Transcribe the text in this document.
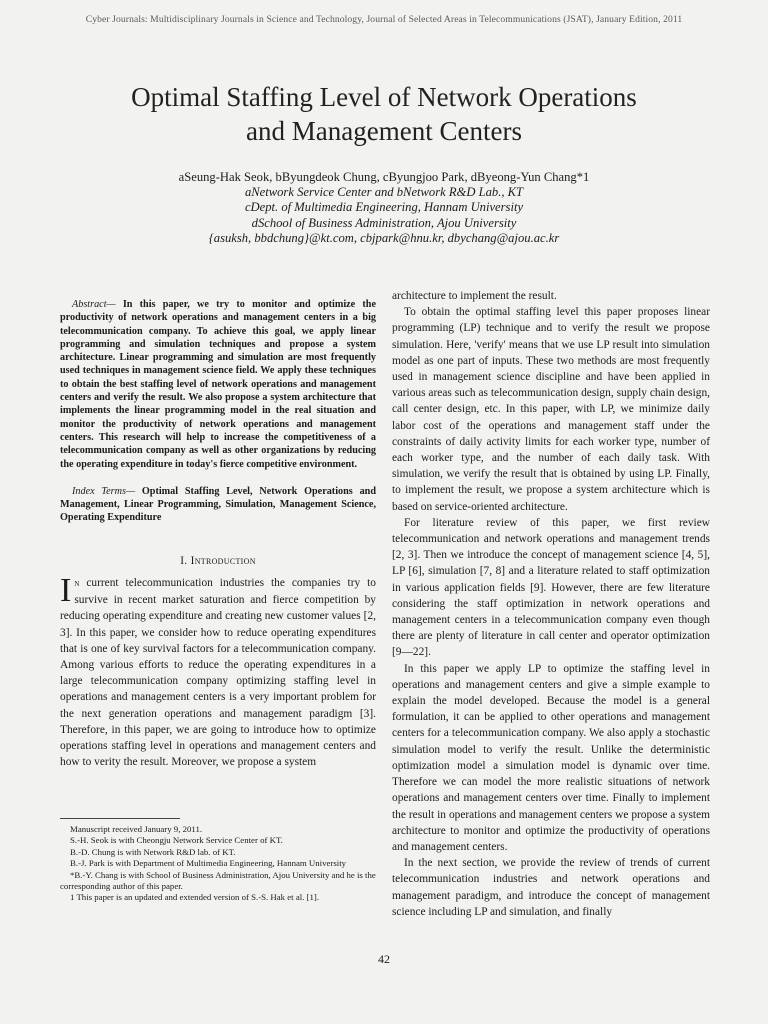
Cyber Journals: Multidisciplinary Journals in Science and Technology, Journal of Selected Areas in Telecommunications (JSAT), January Edition, 2011
Optimal Staffing Level of Network Operations
and Management Centers
aSeung-Hak Seok, bByungdeok Chung, cByungjoo Park, dByeong-Yun Chang*1
aNetwork Service Center and bNetwork R&D Lab., KT
cDept. of Multimedia Engineering, Hannam University
dSchool of Business Administration, Ajou University
{asuksh, bbdchung}@kt.com, cbjpark@hnu.kr, dbychang@ajou.ac.kr

Abstract— In this paper, we try to monitor and optimize the productivity of network operations and management centers in a big telecommunication company. To achieve this goal, we apply linear programming and simulation techniques and propose a system architecture. Linear programming and simulation are most frequently used techniques in management science field. We apply these techniques to obtain the best staffing level of network operations and management centers and verify the result. We also propose a system architecture that implements the linear programming model in the real situation and monitor the productivity of network operations and management centers. This research will help to increase the competitiveness of a telecommunication company as well as other organizations by reducing the operating expenditure in today's fierce competitive environment.

Index Terms— Optimal Staffing Level, Network Operations and Management, Linear Programming, Simulation, Management Science, Operating Expenditure

I. Introduction

In current telecommunication industries the companies try to survive in recent market saturation and fierce competition by reducing operating expenditure and creating new customer values [2, 3]. In this paper, we consider how to reduce operating expenditures that is one of key survival factors for a telecommunication company. Among various efforts to reduce the operating expenditures in a large telecommunication company optimizing staffing level in operations and management centers is a very important problem for the next generation operations and management paradigm [3]. Therefore, in this paper, we are going to introduce how to optimize operations staffing level in operations and management centers and how to verity the result. Moreover, we propose a system

Manuscript received January 9, 2011.

S.-H. Seok is with Cheongju Network Service Center of KT.

B.-D. Chung is with Network R&D lab. of KT.

B.-J. Park is with Department of Multimedia Engineering, Hannam University

*B.-Y. Chang is with School of Business Administration, Ajou University and he is the corresponding author of this paper.

1 This paper is an updated and extended version of S.-S. Hak et al. [1].

architecture to implement the result.

To obtain the optimal staffing level this paper proposes linear programming (LP) technique and to verify the result we propose simulation. Here, 'verify' means that we use LP result into simulation model as one part of inputs. These two methods are most frequently used in management science discipline and have been applied in various areas such as telecommunication design, supply chain design, call center design, etc. In this paper, with LP, we minimize daily labor cost of the operations and management staff under the constraints of daily activity limits for each worker type, number of each worker type, and the number of each daily task. With simulation, we verify the result that is obtained by using LP. Finally, to implement the result, we propose a system architecture which is based on service-oriented architecture.

For literature review of this paper, we first review telecommunication and network operations and management trends [2, 3]. Then we introduce the concept of management science [4, 5], LP [6], simulation [7, 8] and a literature related to staff optimization in various application fields [9]. However, there are few literature considering the staff optimization in network operations and management centers in a telecommunication company even though there are plenty of literature in call center and operator optimization [9—22].

In this paper we apply LP to optimize the staffing level in operations and management centers and give a simple example to explain the model developed. Because the model is a general formulation, it can be applied to other operations and management centers for a telecommunication company. We also apply a stochastic simulation model to verify the result. Unlike the deterministic optimization model a simulation model is dynamic over time. Therefore we can model the more realistic situations of network operations and management centers over time. Finally to implement the result in operations and management centers we propose a system architecture to monitor and optimize the productivity of operations and management centers.

In the next section, we provide the review of trends of current telecommunication industries and network operations and management paradigm, and introduce the concept of management science including LP and simulation, and finally

42
